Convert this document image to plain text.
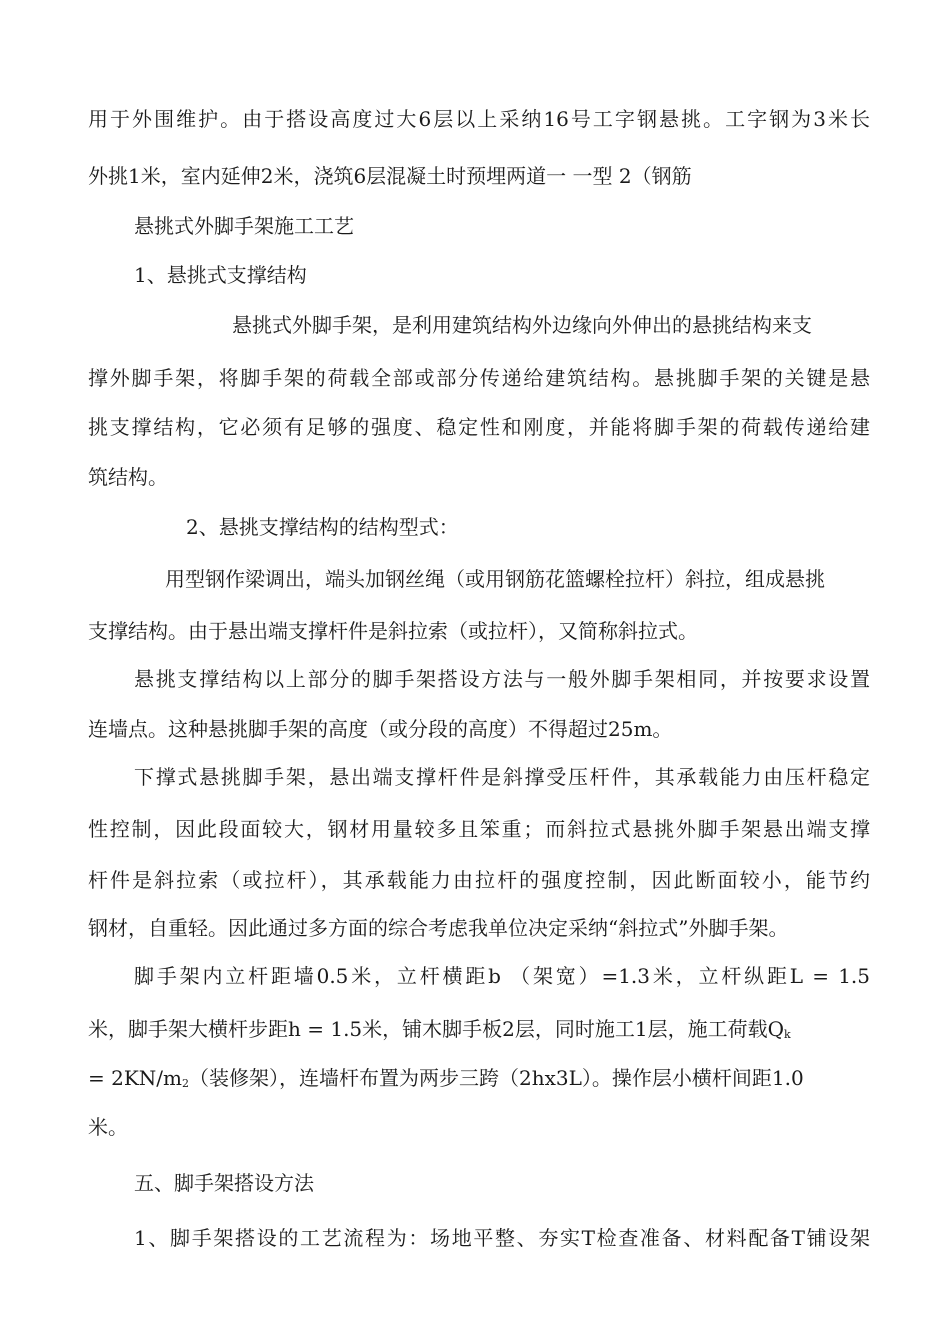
用于外围维护。由于搭设高度过大6层以上采纳16号工字钢悬挑。工字钢为3米长
外挑1米，室内延伸2米，浇筑6层混凝土时预埋两道一 一型 2（钢筋
悬挑式外脚手架施工工艺
1、悬挑式支撑结构
悬挑式外脚手架，是利用建筑结构外边缘向外伸出的悬挑结构来支
撑外脚手架，将脚手架的荷载全部或部分传递给建筑结构。悬挑脚手架的关键是悬
挑支撑结构，它必须有足够的强度、稳定性和刚度，并能将脚手架的荷载传递给建
筑结构。
2、悬挑支撑结构的结构型式：
用型钢作梁调出，端头加钢丝绳（或用钢筋花篮螺栓拉杆）斜拉，组成悬挑
支撑结构。由于悬出端支撑杆件是斜拉索（或拉杆），又简称斜拉式。
悬挑支撑结构以上部分的脚手架搭设方法与一般外脚手架相同，并按要求设置
连墙点。这种悬挑脚手架的高度（或分段的高度）不得超过25m。
下撑式悬挑脚手架，悬出端支撑杆件是斜撑受压杆件，其承载能力由压杆稳定
性控制，因此段面较大，钢材用量较多且笨重；而斜拉式悬挑外脚手架悬出端支撑
杆件是斜拉索（或拉杆），其承载能力由拉杆的强度控制，因此断面较小，能节约
钢材，自重轻。因此通过多方面的综合考虑我单位决定采纳“斜拉式”外脚手架。
脚手架内立杆距墙0.5米，立杆横距b （架宽）=1.3米，立杆纵距L = 1.5
米，脚手架大横杆步距h = 1.5米，铺木脚手板2层，同时施工1层，施工荷载$Q_k$
= $2KN/m_2$（装修架），连墙杆布置为两步三跨（2hx3L）。操作层小横杆间距1.0
米。
五、脚手架搭设方法
1、脚手架搭设的工艺流程为：场地平整、夯实T检查准备、材料配备T铺设架
